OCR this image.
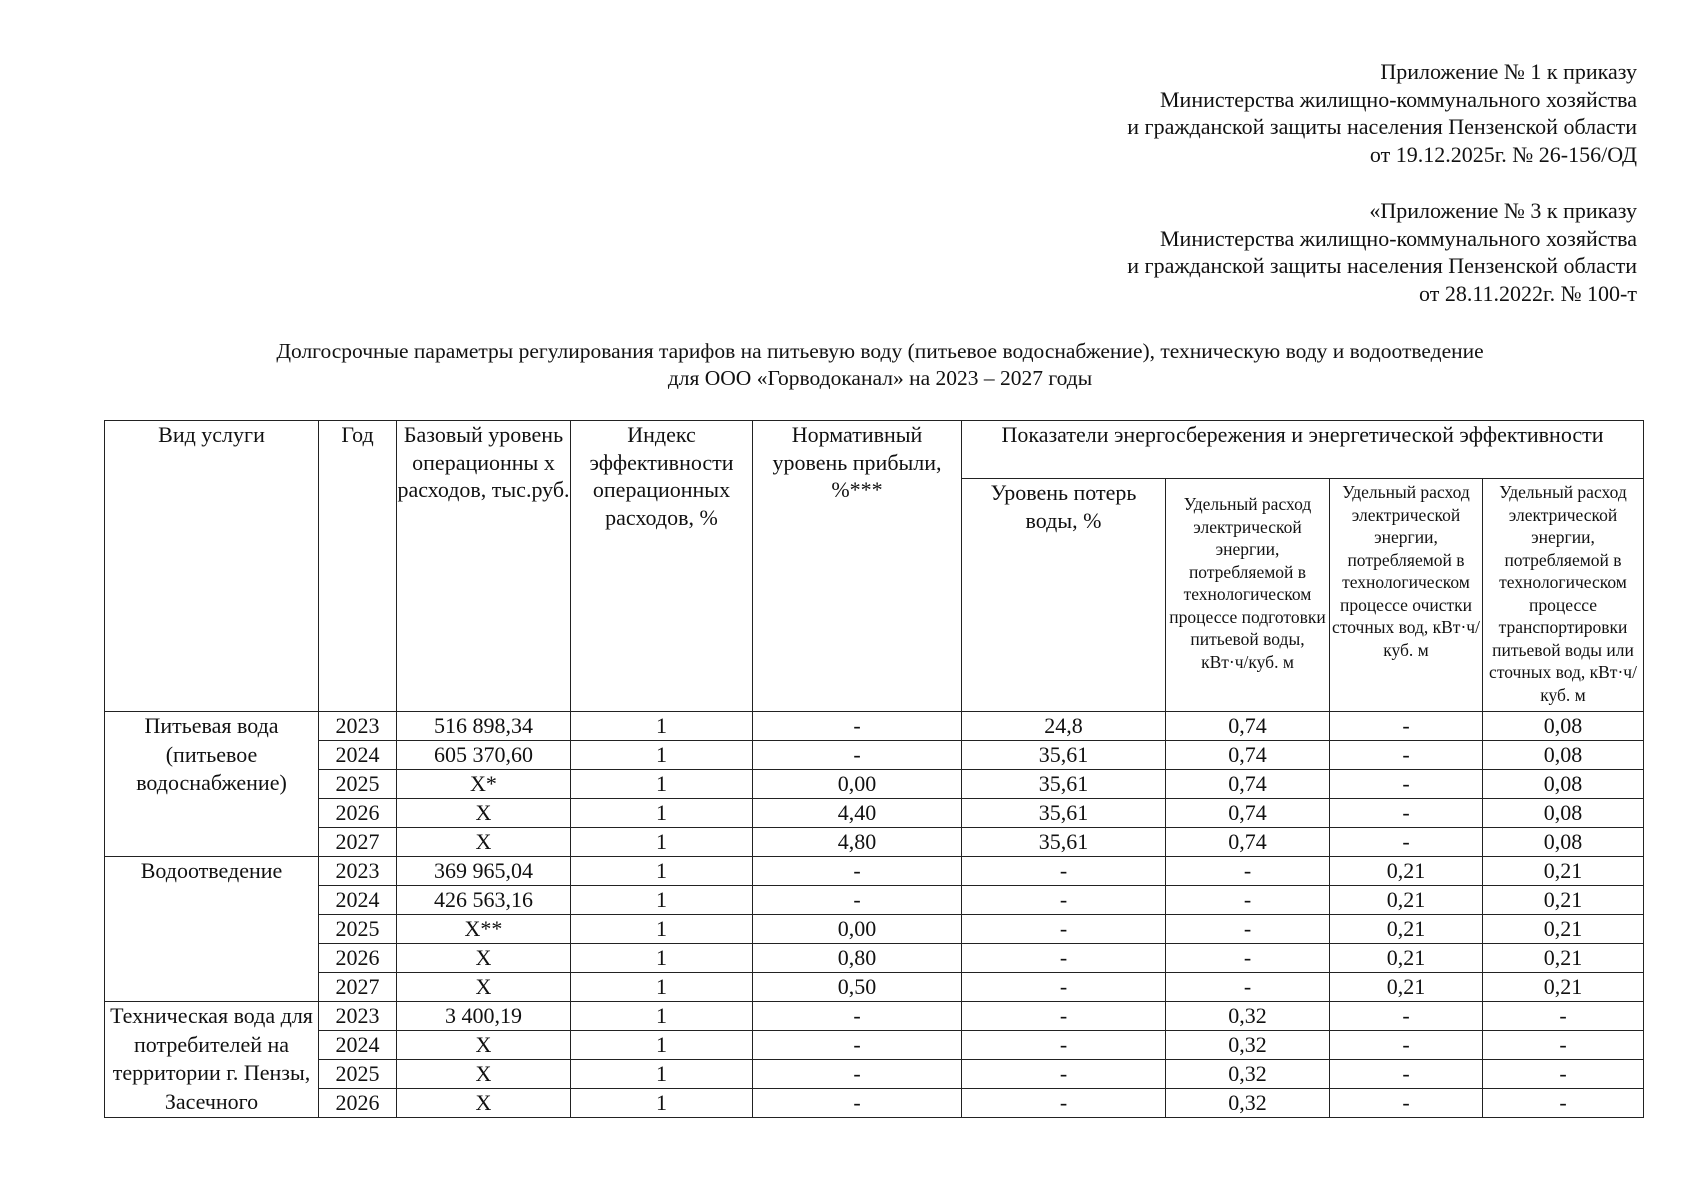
Приложение № 1 к приказу
Министерства жилищно-коммунального хозяйства
и гражданской защиты населения Пензенской области
от 19.12.2025г. № 26-156/ОД
«Приложение № 3 к приказу
Министерства жилищно-коммунального хозяйства
и гражданской защиты населения Пензенской области
от 28.11.2022г. № 100-т
Долгосрочные параметры регулирования тарифов на питьевую воду (питьевое водоснабжение), техническую воду и водоотведение
для ООО «Горводоканал» на 2023 – 2027 годы
Вид услуги	Год	Базовый уровень операционны х расходов, тыс.руб.	Индекс эффективности операционных расходов, %	Нормативный уровень прибыли, %***	Показатели энергосбережения и энергетической эффективности			
					Уровень потерь воды, %	Удельный расход электрической энергии, потребляемой в технологическом процессе подготовки питьевой воды, кВт·ч/куб. м	Удельный расход электрической энергии, потребляемой в технологическом процессе очистки сточных вод, кВт·ч/куб. м	Удельный расход электрической энергии, потребляемой в технологическом процессе транспортировки питьевой воды или сточных вод, кВт·ч/куб. м
Питьевая вода (питьевое водоснабжение)	2023	516 898,34	1	-	24,8	0,74	-	0,08
	2024	605 370,60	1	-	35,61	0,74	-	0,08
	2025	X*	1	0,00	35,61	0,74	-	0,08
	2026	X	1	4,40	35,61	0,74	-	0,08
	2027	X	1	4,80	35,61	0,74	-	0,08
Водоотведение	2023	369 965,04	1	-	-	-	0,21	0,21
	2024	426 563,16	1	-	-	-	0,21	0,21
	2025	X**	1	0,00	-	-	0,21	0,21
	2026	X	1	0,80	-	-	0,21	0,21
	2027	X	1	0,50	-	-	0,21	0,21
Техническая вода для потребителей на территории г. Пензы, Засечного	2023	3 400,19	1	-	-	0,32	-	-
	2024	X	1	-	-	0,32	-	-
	2025	X	1	-	-	0,32	-	-
	2026	X	1	-	-	0,32	-	-
